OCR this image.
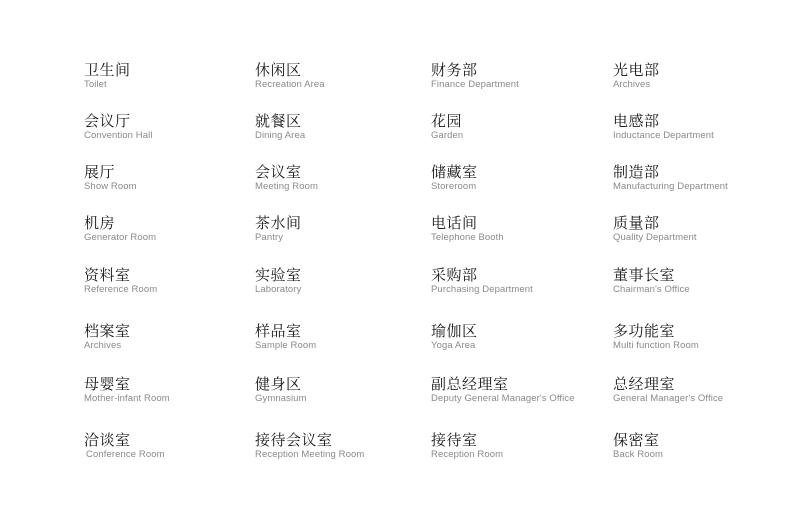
卫生间
Toilet
会议厅
Convention Hall
展厅
Show Room
机房
Generator Room
资料室
Reference Room
档案室
Archives
母婴室
Mother-infant Room
洽谈室
Conference Room
休闲区
Recreation Area
就餐区
Dining Area
会议室
Meeting Room
茶水间
Pantry
实验室
Laboratory
样品室
Sample Room
健身区
Gymnasium
接待会议室
Reception Meeting Room
财务部
Finance Department
花园
Garden
储藏室
Storeroom
电话间
Telephone Booth
采购部
Purchasing Department
瑜伽区
Yoga Area
副总经理室
Deputy General Manager's Office
接待室
Reception Room
光电部
Archives
电感部
Inductance Department
制造部
Manufacturing Department
质量部
Quality Department
董事长室
Chairman's Office
多功能室
Multi function Room
总经理室
General Manager's Office
保密室
Back Room
